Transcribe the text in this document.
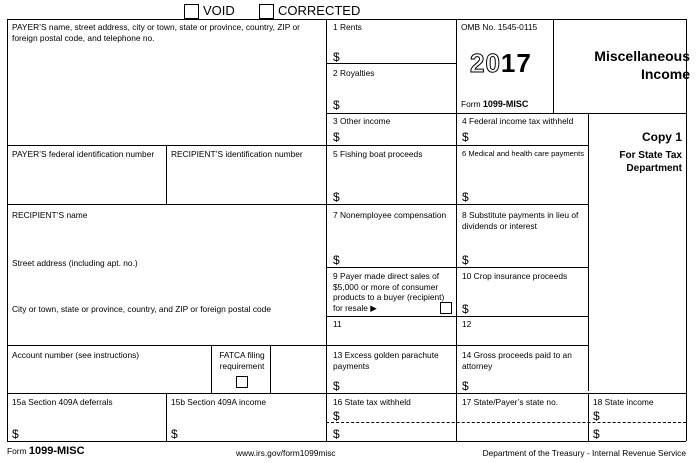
VOID	CORRECTED
PAYER’S name, street address, city or town, state or province, country, ZIP or foreign postal code, and telephone no.
PAYER’S federal identification number RECIPIENT’S identification number
RECIPIENT’S name
Street address (including apt. no.)
City or town, state or province, country, and ZIP or foreign postal code
Account number (see instructions)	FATCA filing requirement
OMB No. 1545-0115
2017
Form 1099-MISC
Miscellaneous
Income
Copy 1
For State Tax Department
1 Rents
$
2 Royalties
$
3 Other income
$
4 Federal income tax withheld
$
5 Fishing boat proceeds
$
6 Medical and health care payments
$
7 Nonemployee compensation
$
8 Substitute payments in lieu of dividends or interest
$
9 Payer made direct sales of $5,000 or more of consumer products to a buyer (recipient) for resale ▶
10 Crop insurance proceeds
$
11	12
13 Excess golden parachute payments
$
14 Gross proceeds paid to an attorney
$
15a Section 409A deferrals
$
15b Section 409A income
$
16 State tax withheld
$
$
17 State/Payer’s state no.	18 State income
$
$
Form 1099-MISC	www.irs.gov/form1099misc	Department of the Treasury - Internal Revenue Service
